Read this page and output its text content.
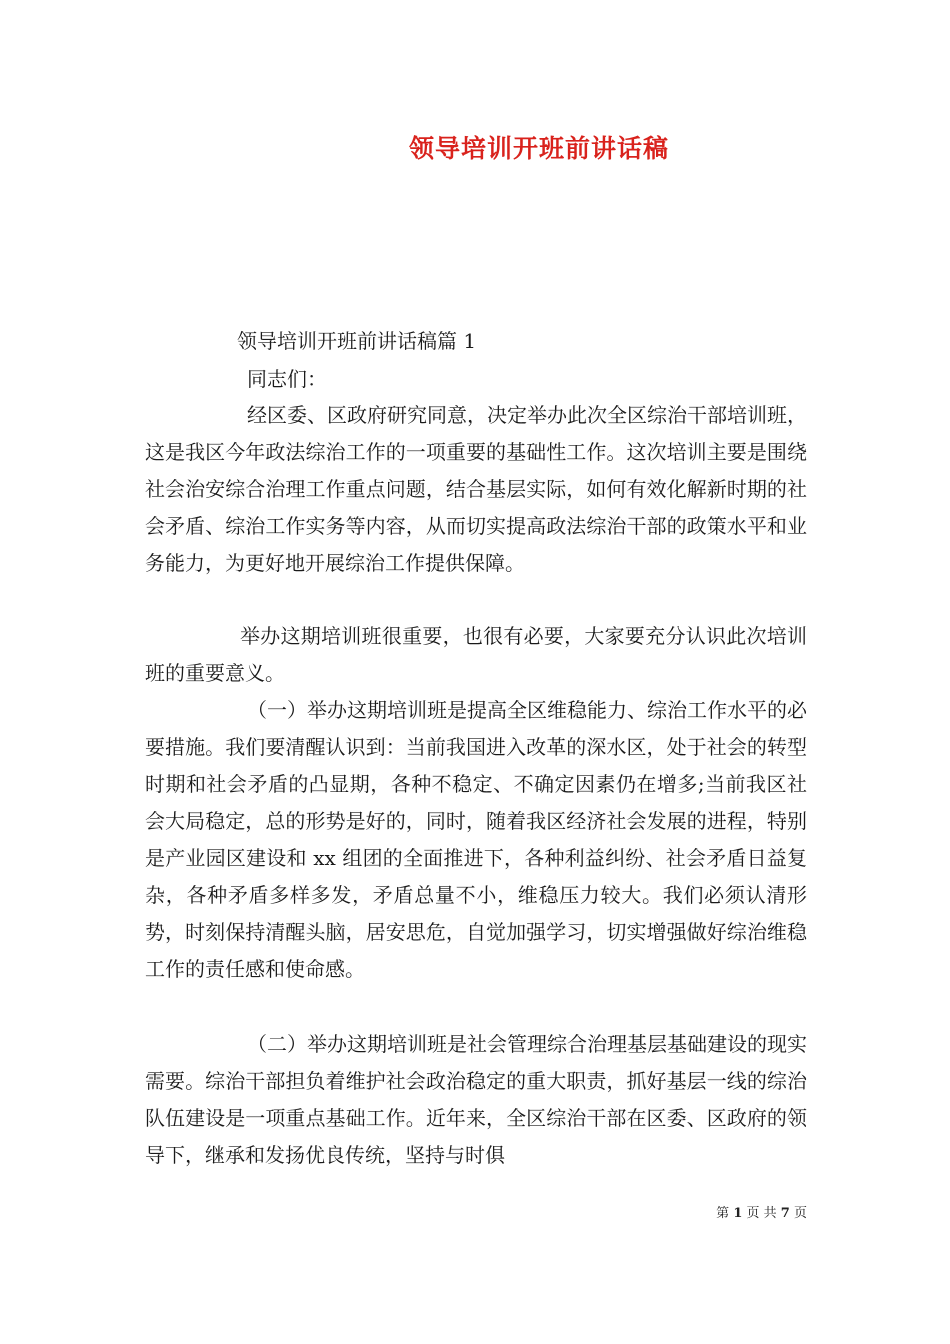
领导培训开班前讲话稿
领导培训开班前讲话稿篇 1
同志们：
经区委、区政府研究同意，决定举办此次全区综治干部培训班，这是我区今年政法综治工作的一项重要的基础性工作。这次培训主要是围绕社会治安综合治理工作重点问题，结合基层实际，如何有效化解新时期的社会矛盾、综治工作实务等内容，从而切实提高政法综治干部的政策水平和业务能力，为更好地开展综治工作提供保障。
举办这期培训班很重要，也很有必要，大家要充分认识此次培训班的重要意义。
（一）举办这期培训班是提高全区维稳能力、综治工作水平的必要措施。我们要清醒认识到：当前我国进入改革的深水区，处于社会的转型时期和社会矛盾的凸显期，各种不稳定、不确定因素仍在增多;当前我区社会大局稳定，总的形势是好的，同时，随着我区经济社会发展的进程，特别是产业园区建设和 xx 组团的全面推进下，各种利益纠纷、社会矛盾日益复杂，各种矛盾多样多发，矛盾总量不小，维稳压力较大。我们必须认清形势，时刻保持清醒头脑，居安思危，自觉加强学习，切实增强做好综治维稳工作的责任感和使命感。
（二）举办这期培训班是社会管理综合治理基层基础建设的现实需要。综治干部担负着维护社会政治稳定的重大职责，抓好基层一线的综治队伍建设是一项重点基础工作。近年来，全区综治干部在区委、区政府的领导下，继承和发扬优良传统，坚持与时俱
第 1 页 共 7 页
